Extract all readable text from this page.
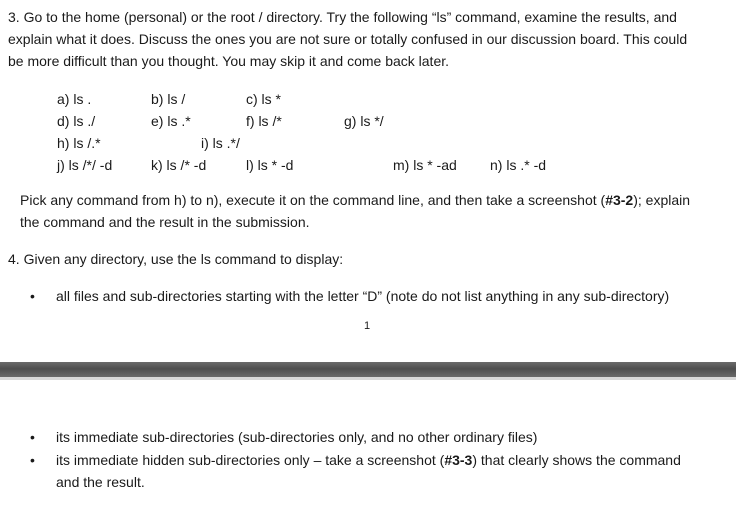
3. Go to the home (personal) or the root / directory. Try the following “ls” command, examine the results, and

explain what it does. Discuss the ones you are not sure or totally confused in our discussion board. This could

be more difficult than you thought. You may skip it and come back later.

a) ls .	b) ls /	c) ls *
d) ls ./	e) ls .*	f) ls /*	g) ls */
h) ls /.*	i) ls .*/
j) ls /*/ -d	k) ls /* -d	l) ls * -d	m) ls * -ad n) ls .* -d

Pick any command from h) to n), execute it on the command line, and then take a screenshot (#3-2); explain

the command and the result in the submission.

4. Given any directory, use the ls command to display:
• all files and sub-directories starting with the letter “D” (note do not list anything in any sub-directory)
1
• its immediate sub-directories (sub-directories only, and no other ordinary files)
• its immediate hidden sub-directories only – take a screenshot (#3-3) that clearly shows the command
and the result.
